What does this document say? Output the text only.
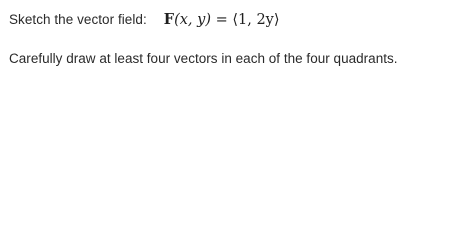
Sketch the vector field: F(x, y) = ⟨1, 2y⟩
Carefully draw at least four vectors in each of the four quadrants.
